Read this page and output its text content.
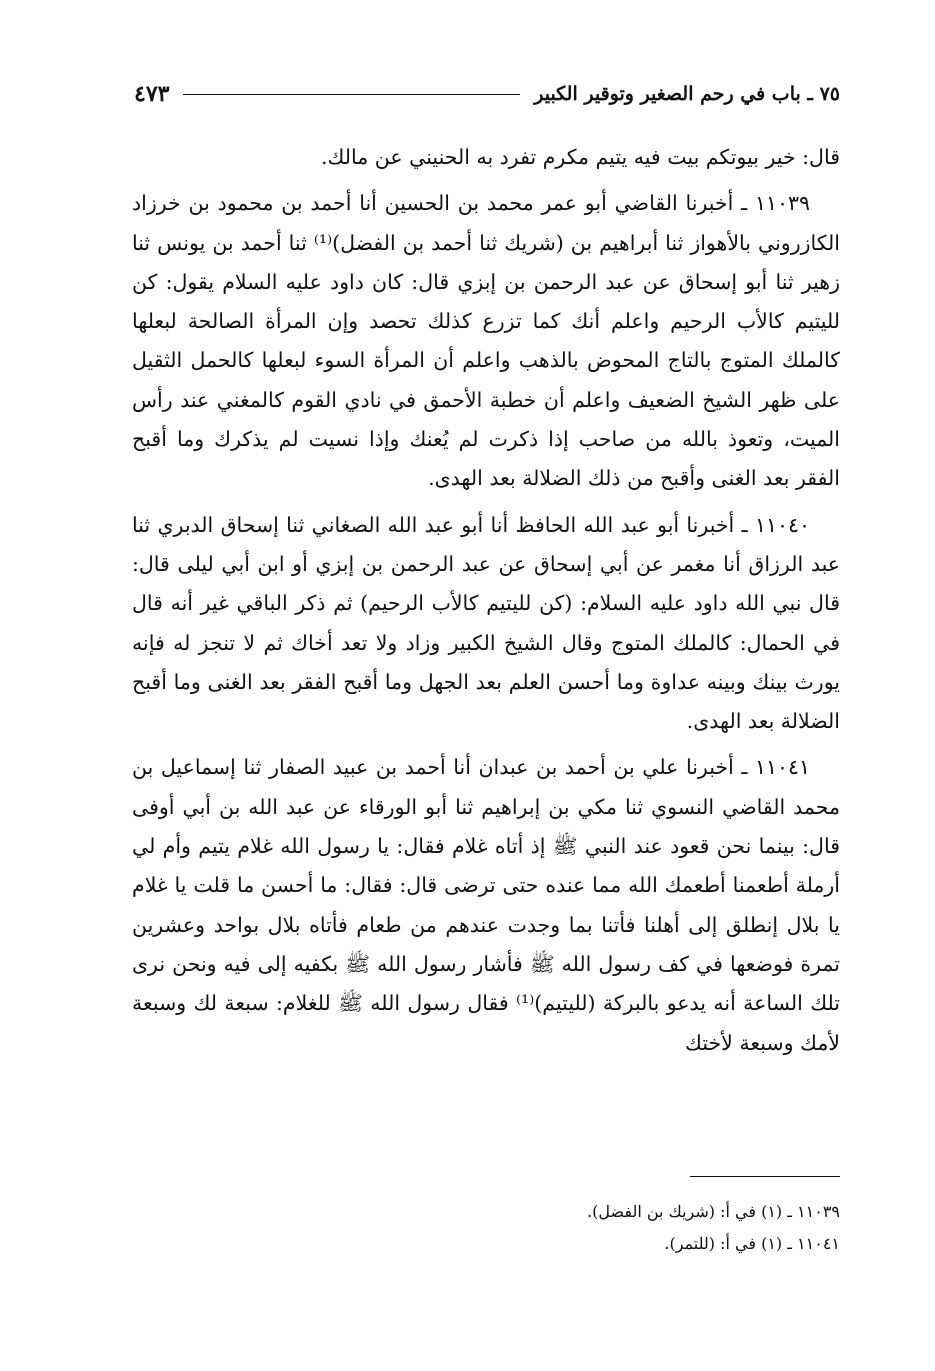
٧٥ ـ باب في رحم الصغير وتوقير الكبير
٤٧٣

قال: خير بيوتكم بيت فيه يتيم مكرم تفرد به الحنيني عن مالك.

١١٠٣٩ ـ أخبرنا القاضي أبو عمر محمد بن الحسين أنا أحمد بن محمود بن خرزاد الكازروني بالأهواز ثنا أبراهيم بن (شريك ثنا أحمد بن الفضل)⁽¹⁾ ثنا أحمد بن يونس ثنا زهير ثنا أبو إسحاق عن عبد الرحمن بن إبزي قال: كان داود عليه السلام يقول: كن لليتيم كالأب الرحيم واعلم أنك كما تزرع كذلك تحصد وإن المرأة الصالحة لبعلها كالملك المتوج بالتاج المحوض بالذهب واعلم أن المرأة السوء لبعلها كالحمل الثقيل على ظهر الشيخ الضعيف واعلم أن خطبة الأحمق في نادي القوم كالمغني عند رأس الميت، وتعوذ بالله من صاحب إذا ذكرت لم يُعنك وإذا نسيت لم يذكرك وما أقبح الفقر بعد الغنى وأقبح من ذلك الضلالة بعد الهدى.

١١٠٤٠ ـ أخبرنا أبو عبد الله الحافظ أنا أبو عبد الله الصغاني ثنا إسحاق الدبري ثنا عبد الرزاق أنا مغمر عن أبي إسحاق عن عبد الرحمن بن إبزي أو ابن أبي ليلى قال: قال نبي الله داود عليه السلام: (كن لليتيم كالأب الرحيم) ثم ذكر الباقي غير أنه قال في الحمال: كالملك المتوج وقال الشيخ الكبير وزاد ولا تعد أخاك ثم لا تنجز له فإنه يورث بينك وبينه عداوة وما أحسن العلم بعد الجهل وما أقبح الفقر بعد الغنى وما أقبح الضلالة بعد الهدى.

١١٠٤١ ـ أخبرنا علي بن أحمد بن عبدان أنا أحمد بن عبيد الصفار ثنا إسماعيل بن محمد القاضي النسوي ثنا مكي بن إبراهيم ثنا أبو الورقاء عن عبد الله بن أبي أوفى قال: بينما نحن قعود عند النبي ﷺ إذ أتاه غلام فقال: يا رسول الله غلام يتيم وأم لي أرملة أطعمنا أطعمك الله مما عنده حتى ترضى قال: فقال: ما أحسن ما قلت يا غلام يا بلال إنطلق إلى أهلنا فأتنا بما وجدت عندهم من طعام فأتاه بلال بواحد وعشرين تمرة فوضعها في كف رسول الله ﷺ فأشار رسول الله ﷺ بكفيه إلى فيه ونحن نرى تلك الساعة أنه يدعو بالبركة (لليتيم)⁽¹⁾ فقال رسول الله ﷺ للغلام: سبعة لك وسبعة لأمك وسبعة لأختك

١١٠٣٩ ـ (١) في أ: (شريك بن الفضل).
١١٠٤١ ـ (١) في أ: (للتمر).
